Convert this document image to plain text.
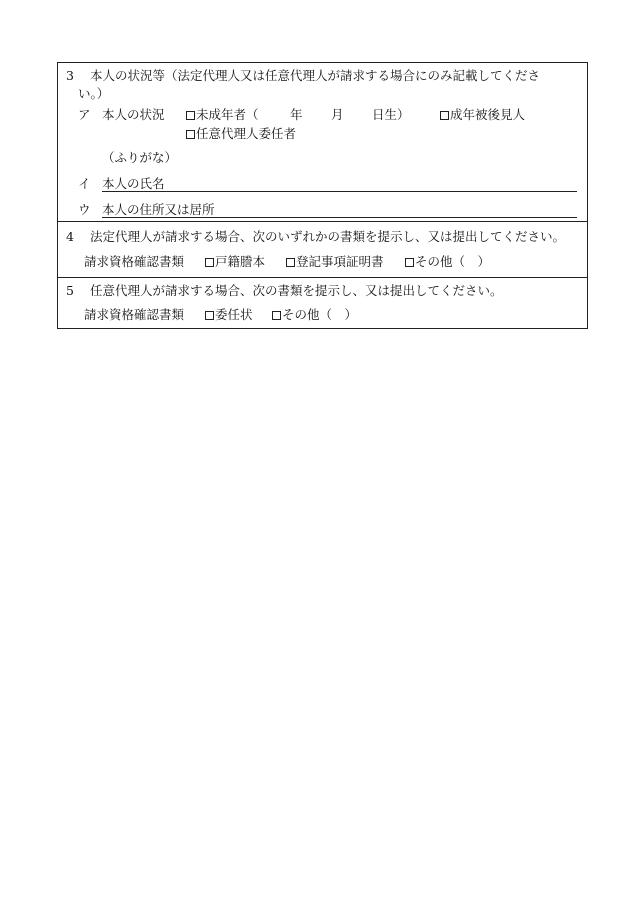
3 本人の状況等（法定代理人又は任意代理人が請求する場合にのみ記載してくださ
い。）
ア 本人の状況	未成年者（	年 月 日生）	成年被後見人
任意代理人委任者
（ふりがな）
イ 本人の氏名
ウ 本人の住所又は居所
4 法定代理人が請求する場合、次のいずれかの書類を提示し、又は提出してください。
請求資格確認書類 戸籍謄本 登記事項証明書	その他（　）
5 任意代理人が請求する場合、次の書類を提示し、又は提出してください。
請求資格確認書類 委任状 その他（　）
